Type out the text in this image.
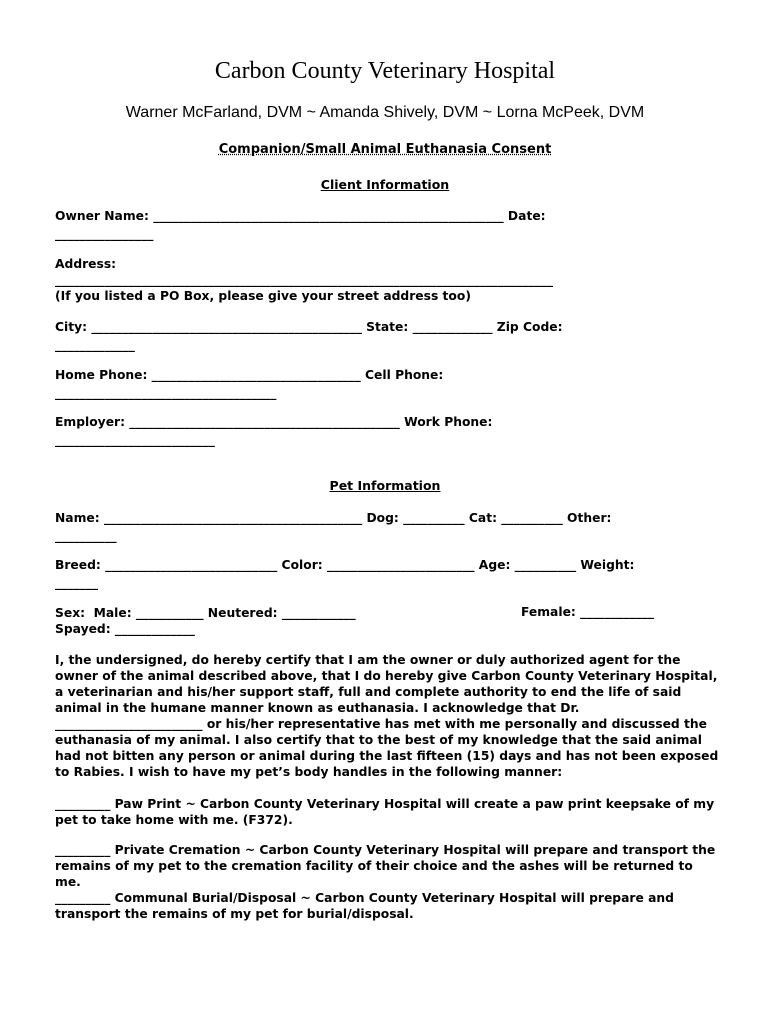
Carbon County Veterinary Hospital
Warner McFarland, DVM ~ Amanda Shively, DVM ~ Lorna McPeek, DVM
Companion/Small Animal Euthanasia Consent
Client Information
Owner Name: _________________________________________________________ Date:
________________
Address:
_________________________________________________________________________________
(If you listed a PO Box, please give your street address too)
City: ____________________________________________ State: _____________ Zip Code:
_____________
Home Phone: __________________________________ Cell Phone:
____________________________________
Employer: ____________________________________________ Work Phone:
__________________________
Pet Information
Name: __________________________________________ Dog: __________ Cat: __________ Other:
__________
Breed: ____________________________ Color: ________________________ Age: __________ Weight:
_______
Sex:  Male: ___________ Neutered: ____________	Female: ____________
Spayed: _____________
I, the undersigned, do hereby certify that I am the owner or duly authorized agent for the owner of the animal described above, that I do hereby give Carbon County Veterinary Hospital, a veterinarian and his/her support staff, full and complete authority to end the life of said animal in the humane manner known as euthanasia. I acknowledge that Dr. ________________________ or his/her representative has met with me personally and discussed the euthanasia of my animal. I also certify that to the best of my knowledge that the said animal had not bitten any person or animal during the last fifteen (15) days and has not been exposed to Rabies. I wish to have my pet’s body handles in the following manner:
_________ Paw Print ~ Carbon County Veterinary Hospital will create a paw print keepsake of my pet to take home with me. (F372).
_________ Private Cremation ~ Carbon County Veterinary Hospital will prepare and transport the remains of my pet to the cremation facility of their choice and the ashes will be returned to me.
_________ Communal Burial/Disposal ~ Carbon County Veterinary Hospital will prepare and transport the remains of my pet for burial/disposal.
